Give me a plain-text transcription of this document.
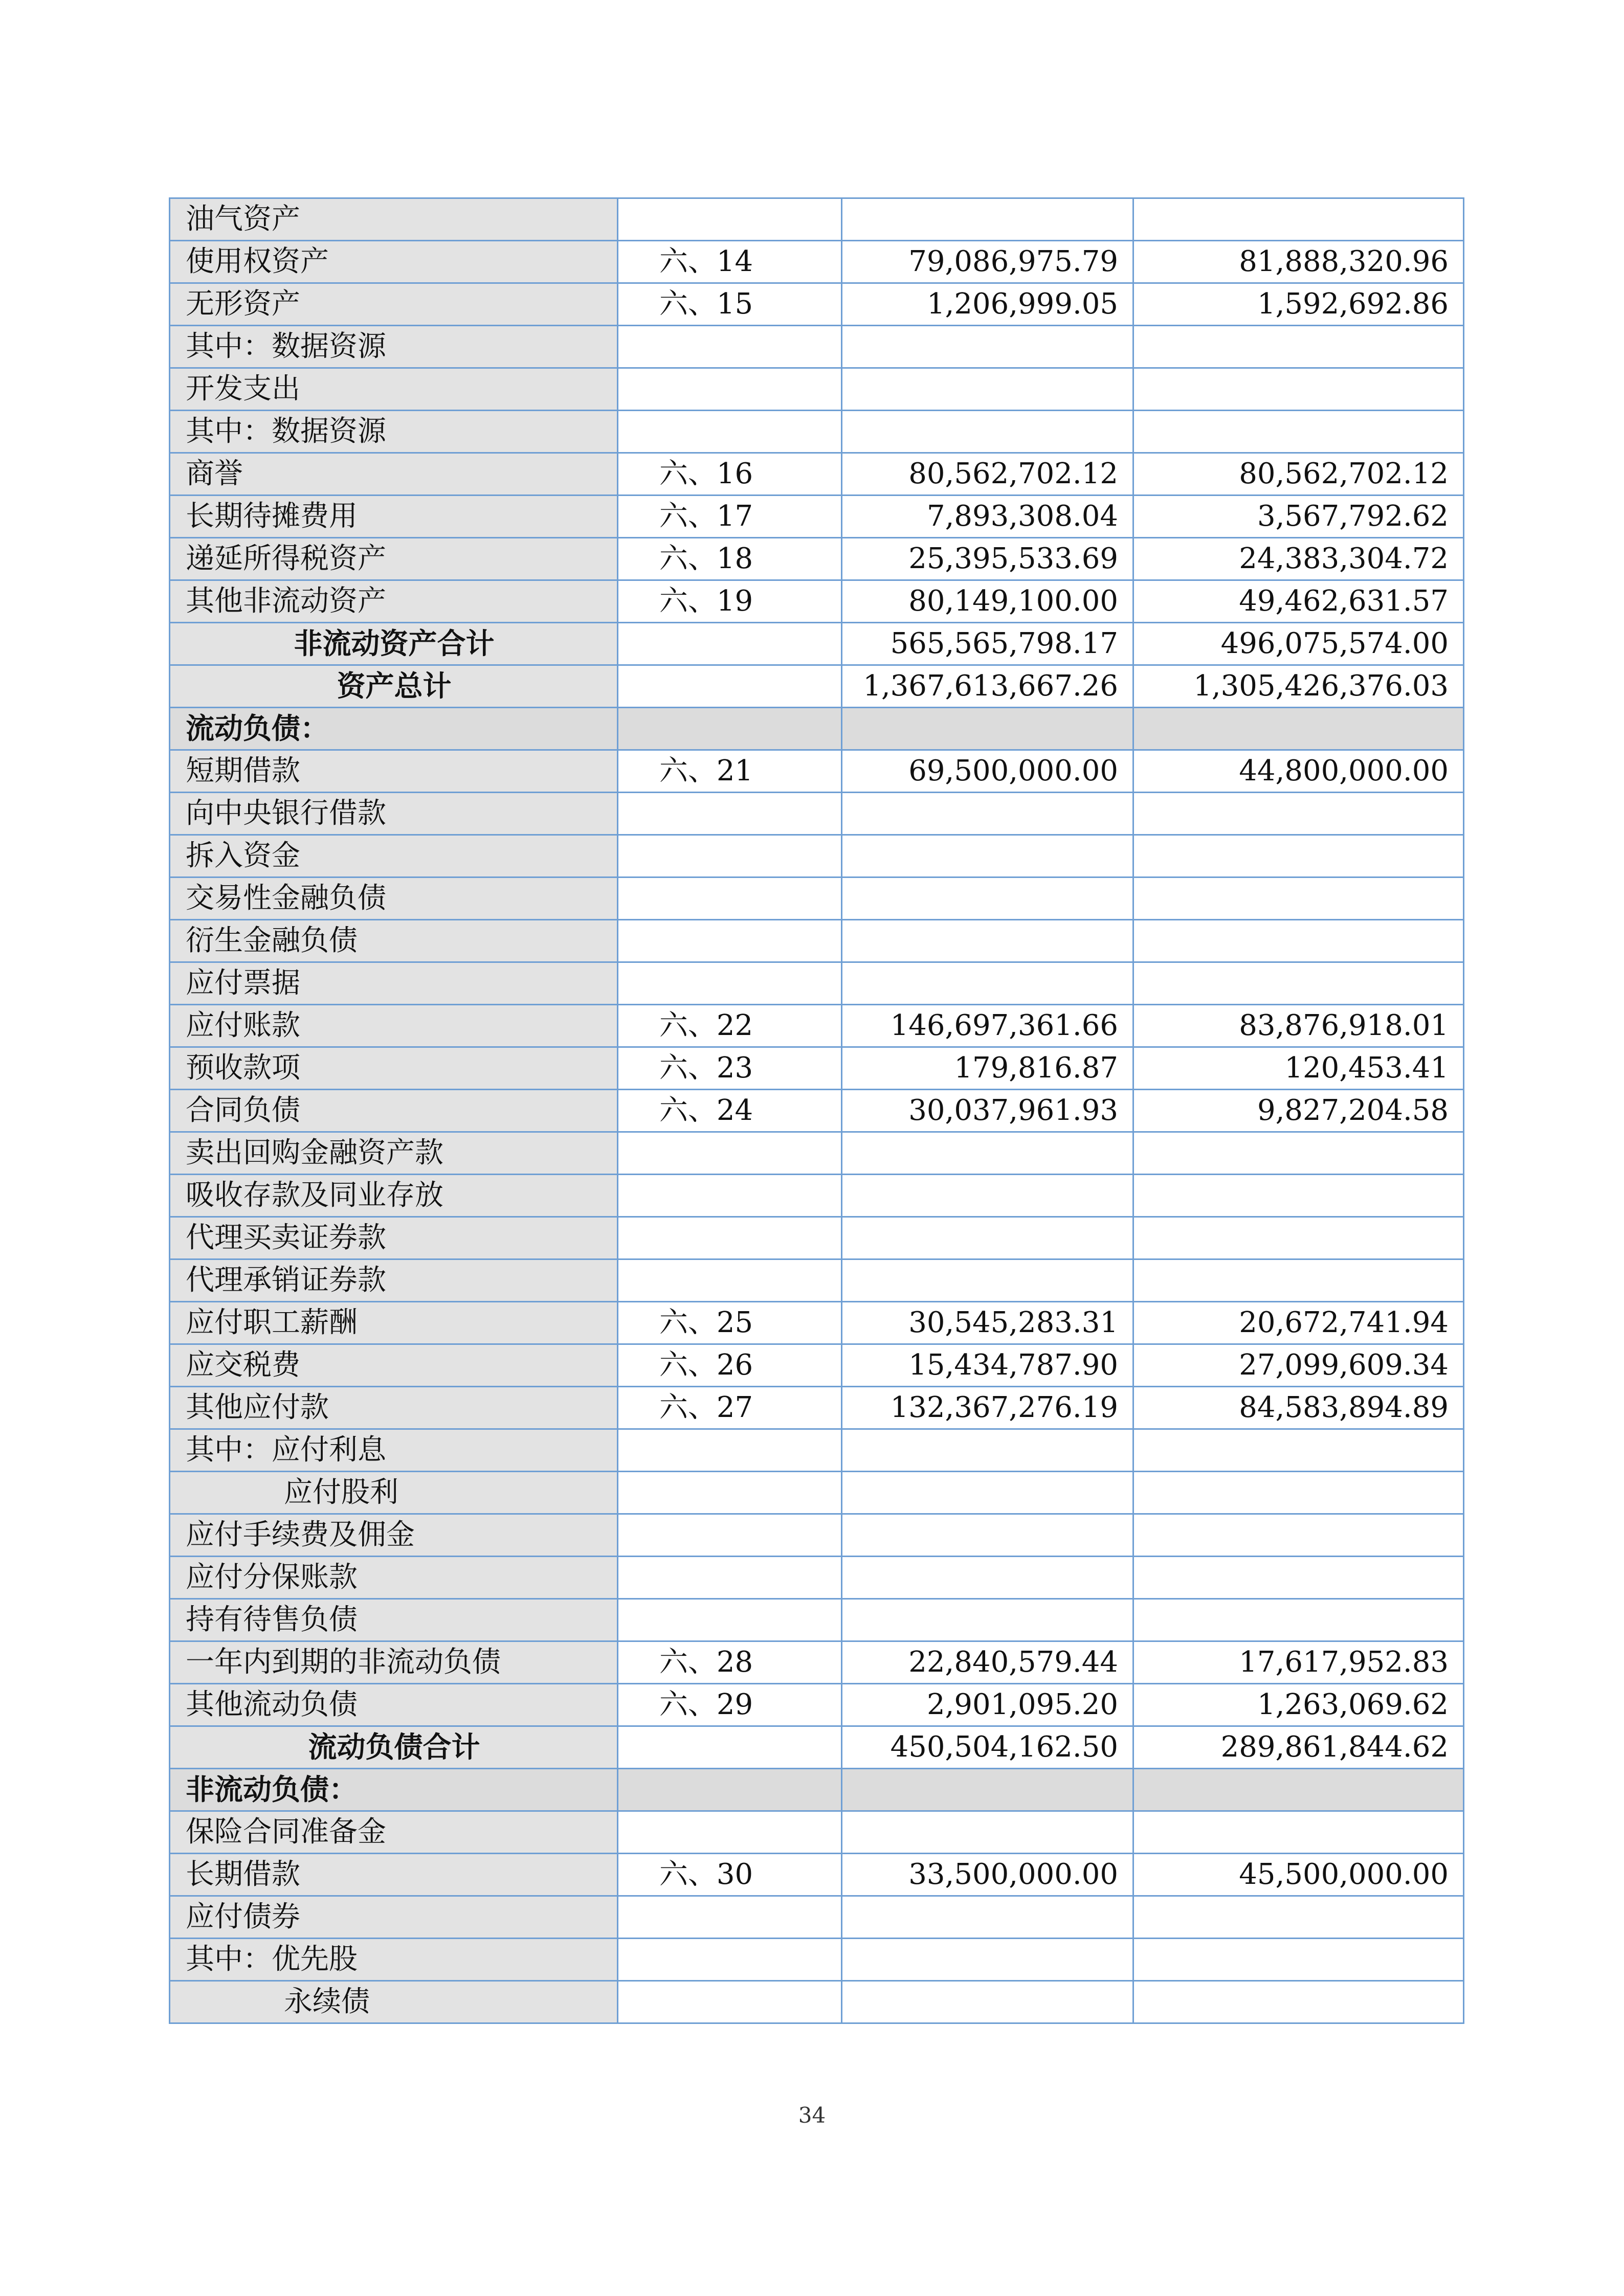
油气资产			
使用权资产	六、14	79,086,975.79	81,888,320.96
无形资产	六、15	1,206,999.05	1,592,692.86
其中：数据资源			
开发支出			
其中：数据资源			
商誉	六、16	80,562,702.12	80,562,702.12
长期待摊费用	六、17	7,893,308.04	3,567,792.62
递延所得税资产	六、18	25,395,533.69	24,383,304.72
其他非流动资产	六、19	80,149,100.00	49,462,631.57
非流动资产合计		565,565,798.17	496,075,574.00
资产总计		1,367,613,667.26	1,305,426,376.03
流动负债：			
短期借款	六、21	69,500,000.00	44,800,000.00
向中央银行借款			
拆入资金			
交易性金融负债			
衍生金融负债			
应付票据			
应付账款	六、22	146,697,361.66	83,876,918.01
预收款项	六、23	179,816.87	120,453.41
合同负债	六、24	30,037,961.93	9,827,204.58
卖出回购金融资产款			
吸收存款及同业存放			
代理买卖证券款			
代理承销证券款			
应付职工薪酬	六、25	30,545,283.31	20,672,741.94
应交税费	六、26	15,434,787.90	27,099,609.34
其他应付款	六、27	132,367,276.19	84,583,894.89
其中：应付利息			
应付股利			
应付手续费及佣金			
应付分保账款			
持有待售负债			
一年内到期的非流动负债	六、28	22,840,579.44	17,617,952.83
其他流动负债	六、29	2,901,095.20	1,263,069.62
流动负债合计		450,504,162.50	289,861,844.62
非流动负债：			
保险合同准备金			
长期借款	六、30	33,500,000.00	45,500,000.00
应付债券			
其中：优先股			
永续债			
34
